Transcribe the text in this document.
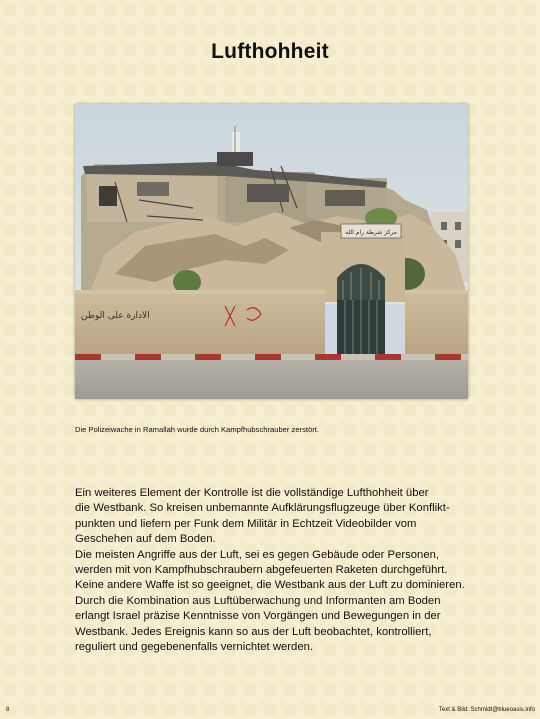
Lufthohheit
مركز شرطة رام الله
ﺍﻟﺎﺩﺍﺭﺓ ﻋﻠﻰ ﺍﻟﻮﻃﻦ
Die Polizeiwache in Ramallah wurde durch Kampfhubschrauber zerstört.
Ein weiteres Element der Kontrolle ist die vollständige Lufthohheit über
die Westbank. So kreisen unbemannte Aufklärungsflugzeuge über Konflikt-
punkten und liefern per Funk dem Militär in Echtzeit Videobilder vom
Geschehen auf dem Boden.
Die meisten Angriffe aus der Luft, sei es gegen Gebäude oder Personen,
werden mit von Kampfhubschraubern abgefeuerten Raketen durchgeführt.
Keine andere Waffe ist so geeignet, die Westbank aus der Luft zu dominieren.
Durch die Kombination aus Luftüberwachung und Informanten am Boden
erlangt Israel präzise Kenntnisse von Vorgängen und Bewegungen in der
Westbank. Jedes Ereignis kann so aus der Luft beobachtet, kontrolliert,
reguliert und gegebenenfalls vernichtet werden.
8	Text & Bild: Schmidt@blueoasis.info
